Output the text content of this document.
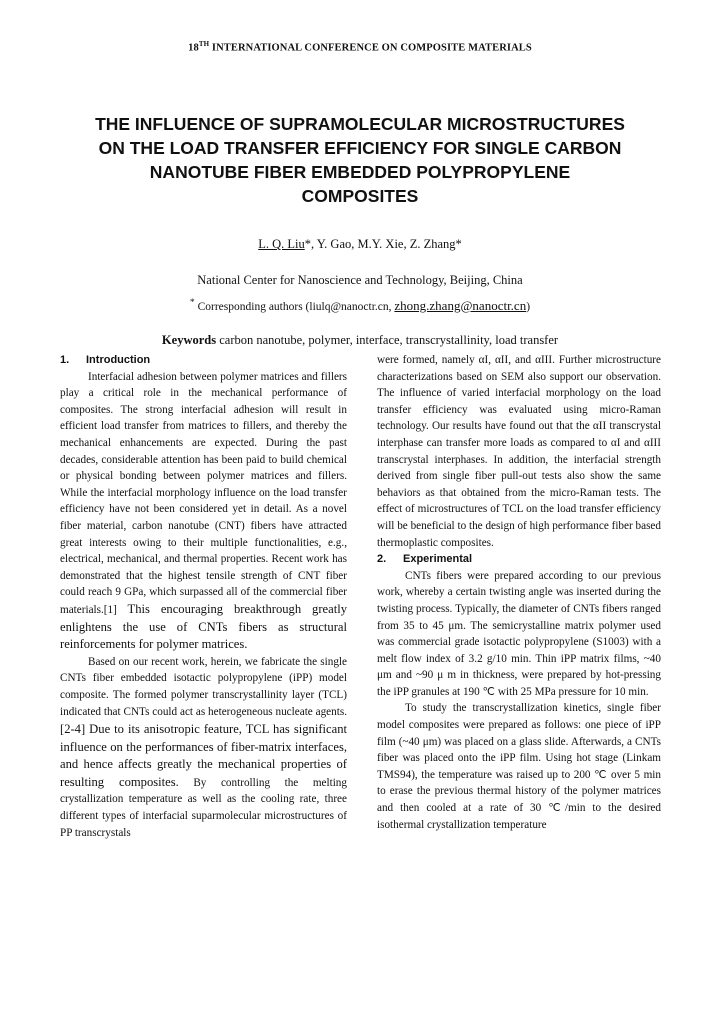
18TH INTERNATIONAL CONFERENCE ON COMPOSITE MATERIALS
THE INFLUENCE OF SUPRAMOLECULAR MICROSTRUCTURES ON THE LOAD TRANSFER EFFICIENCY FOR SINGLE CARBON NANOTUBE FIBER EMBEDDED POLYPROPYLENE COMPOSITES
L. Q. Liu*, Y. Gao, M.Y. Xie, Z. Zhang*
National Center for Nanoscience and Technology, Beijing, China
* Corresponding authors (liulq@nanoctr.cn, zhong.zhang@nanoctr.cn)
Keywords carbon nanotube, polymer, interface, transcrystallinity, load transfer
1. Introduction

Interfacial adhesion between polymer matrices and fillers play a critical role in the mechanical performance of composites. The strong interfacial adhesion will result in efficient load transfer from matrices to fillers, and thereby the mechanical enhancements are expected. During the past decades, considerable attention has been paid to build chemical or physical bonding between polymer matrices and fillers. While the interfacial morphology influence on the load transfer efficiency have not been considered yet in detail. As a novel fiber material, carbon nanotube (CNT) fibers have attracted great interests owing to their multiple functionalities, e.g., electrical, mechanical, and thermal properties. Recent work has demonstrated that the highest tensile strength of CNT fiber could reach 9 GPa, which surpassed all of the commercial fiber materials.[1] This encouraging breakthrough greatly enlightens the use of CNTs fibers as structural reinforcements for polymer matrices.

Based on our recent work, herein, we fabricate the single CNTs fiber embedded isotactic polypropylene (iPP) model composite. The formed polymer transcrystallinity layer (TCL) indicated that CNTs could act as heterogeneous nucleate agents. [2-4] Due to its anisotropic feature, TCL has significant influence on the performances of fiber-matrix interfaces, and hence affects greatly the mechanical properties of resulting composites. By controlling the melting crystallization temperature as well as the cooling rate, three different types of interfacial suparmolecular microstructures of PP transcrystals

were formed, namely αI, αII, and αIII. Further microstructure characterizations based on SEM also support our observation. The influence of varied interfacial morphology on the load transfer efficiency was evaluated using micro-Raman technology. Our results have found out that the αII transcrystal interphase can transfer more loads as compared to αI and αIII transcrystal interphases. In addition, the interfacial strength derived from single fiber pull-out tests also show the same behaviors as that obtained from the micro-Raman tests. The effect of microstructures of TCL on the load transfer efficiency will be beneficial to the design of high performance fiber based thermoplastic composites.

2. Experimental

CNTs fibers were prepared according to our previous work, whereby a certain twisting angle was inserted during the twisting process. Typically, the diameter of CNTs fibers ranged from 35 to 45 μm. The semicrystalline matrix polymer used was commercial grade isotactic polypropylene (S1003) with a melt flow index of 3.2 g/10 min. Thin iPP matrix films, ~40 μm and ~90 μ m in thickness, were prepared by hot-pressing the iPP granules at 190 ℃ with 25 MPa pressure for 10 min.

To study the transcrystallization kinetics, single fiber model composites were prepared as follows: one piece of iPP film (~40 μm) was placed on a glass slide. Afterwards, a CNTs fiber was placed onto the iPP film. Using hot stage (Linkam TMS94), the temperature was raised up to 200 ℃ over 5 min to erase the previous thermal history of the polymer matrices and then cooled at a rate of 30 ℃/min to the desired isothermal crystallization temperature
